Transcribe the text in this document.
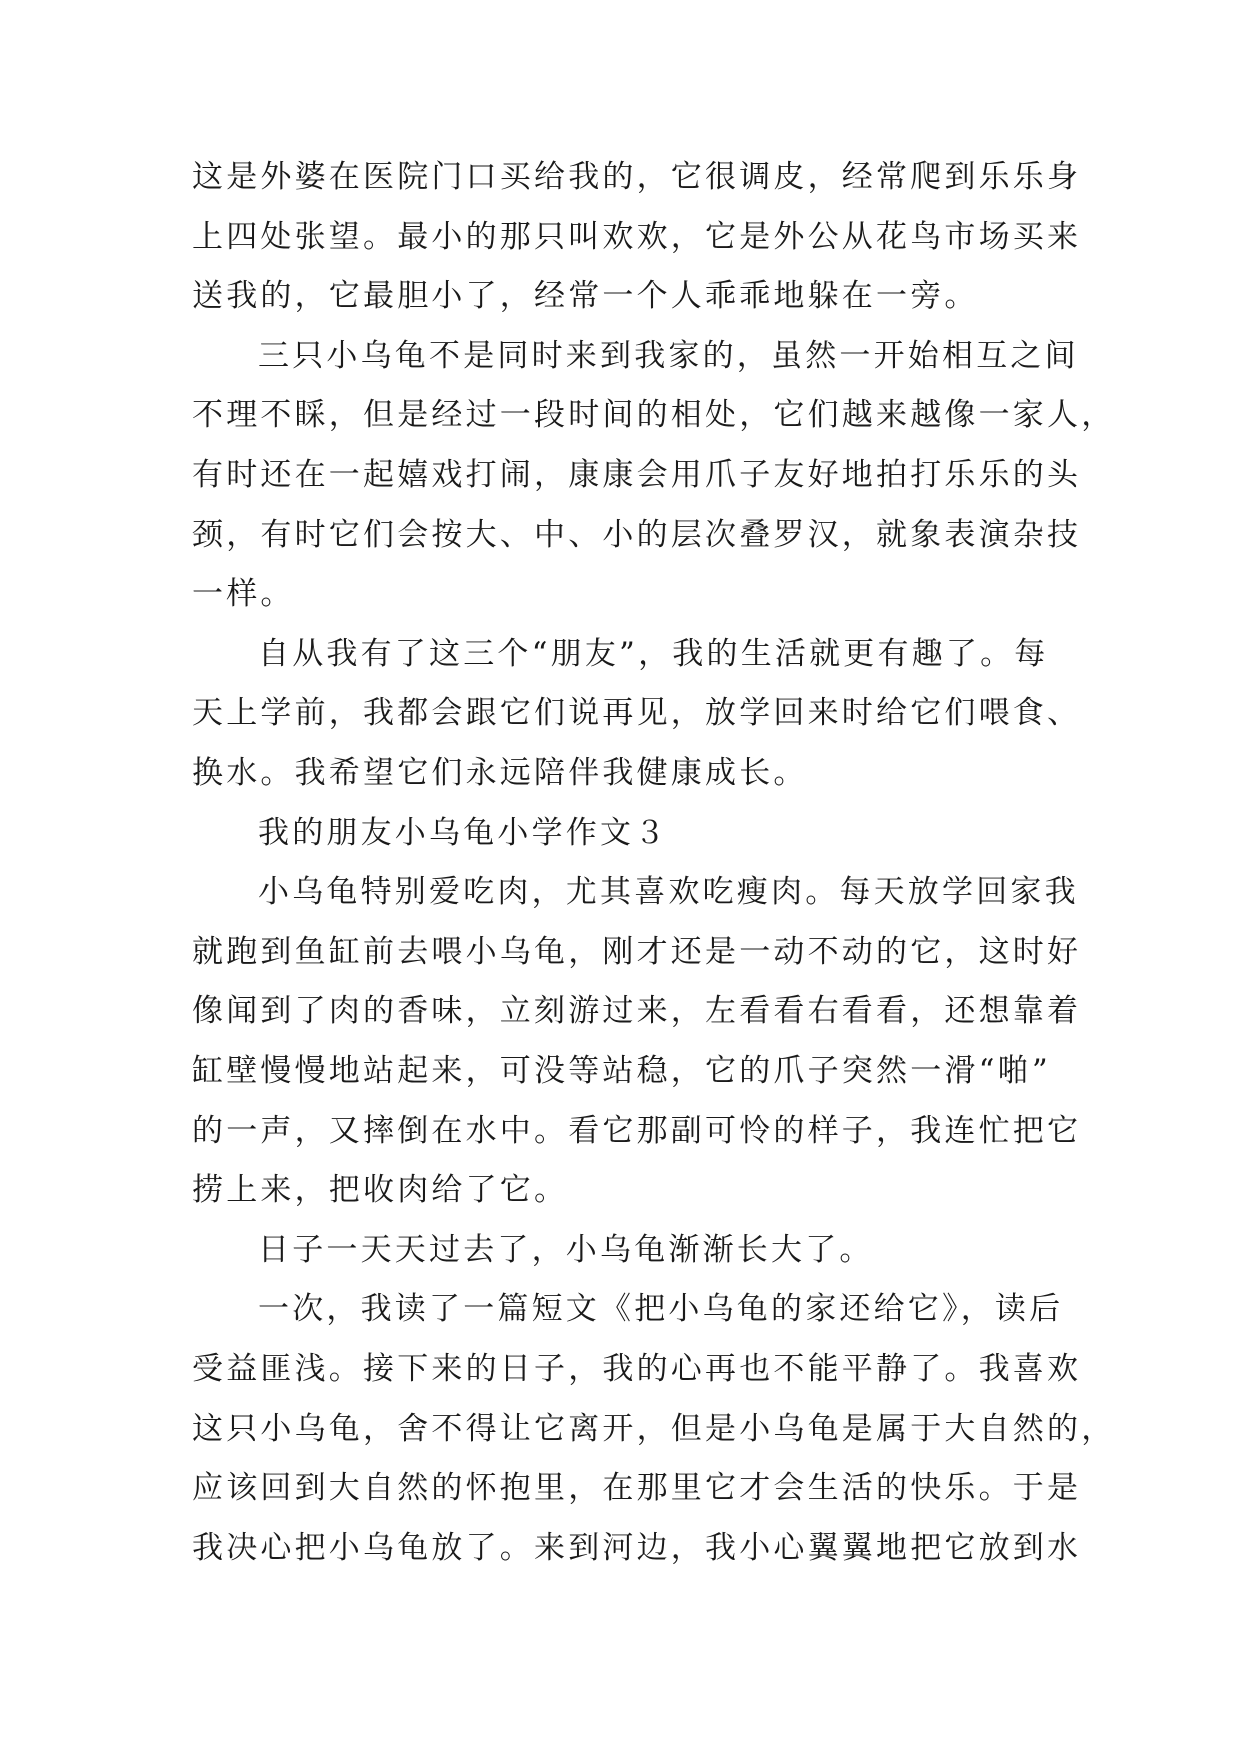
这是外婆在医院门口买给我的，它很调皮，经常爬到乐乐身
上四处张望。最小的那只叫欢欢，它是外公从花鸟市场买来
送我的，它最胆小了，经常一个人乖乖地躲在一旁。
三只小乌龟不是同时来到我家的，虽然一开始相互之间
不理不睬，但是经过一段时间的相处，它们越来越像一家人，
有时还在一起嬉戏打闹，康康会用爪子友好地拍打乐乐的头
颈，有时它们会按大、中、小的层次叠罗汉，就象表演杂技
一样。
自从我有了这三个“朋友”，我的生活就更有趣了。每
天上学前，我都会跟它们说再见，放学回来时给它们喂食、
换水。我希望它们永远陪伴我健康成长。
我的朋友小乌龟小学作文３
小乌龟特别爱吃肉，尤其喜欢吃瘦肉。每天放学回家我
就跑到鱼缸前去喂小乌龟，刚才还是一动不动的它，这时好
像闻到了肉的香味，立刻游过来，左看看右看看，还想靠着
缸壁慢慢地站起来，可没等站稳，它的爪子突然一滑“啪”
的一声，又摔倒在水中。看它那副可怜的样子，我连忙把它
捞上来，把收肉给了它。
日子一天天过去了，小乌龟渐渐长大了。
一次，我读了一篇短文《把小乌龟的家还给它》，读后
受益匪浅。接下来的日子，我的心再也不能平静了。我喜欢
这只小乌龟，舍不得让它离开，但是小乌龟是属于大自然的，
应该回到大自然的怀抱里，在那里它才会生活的快乐。于是
我决心把小乌龟放了。来到河边，我小心翼翼地把它放到水
